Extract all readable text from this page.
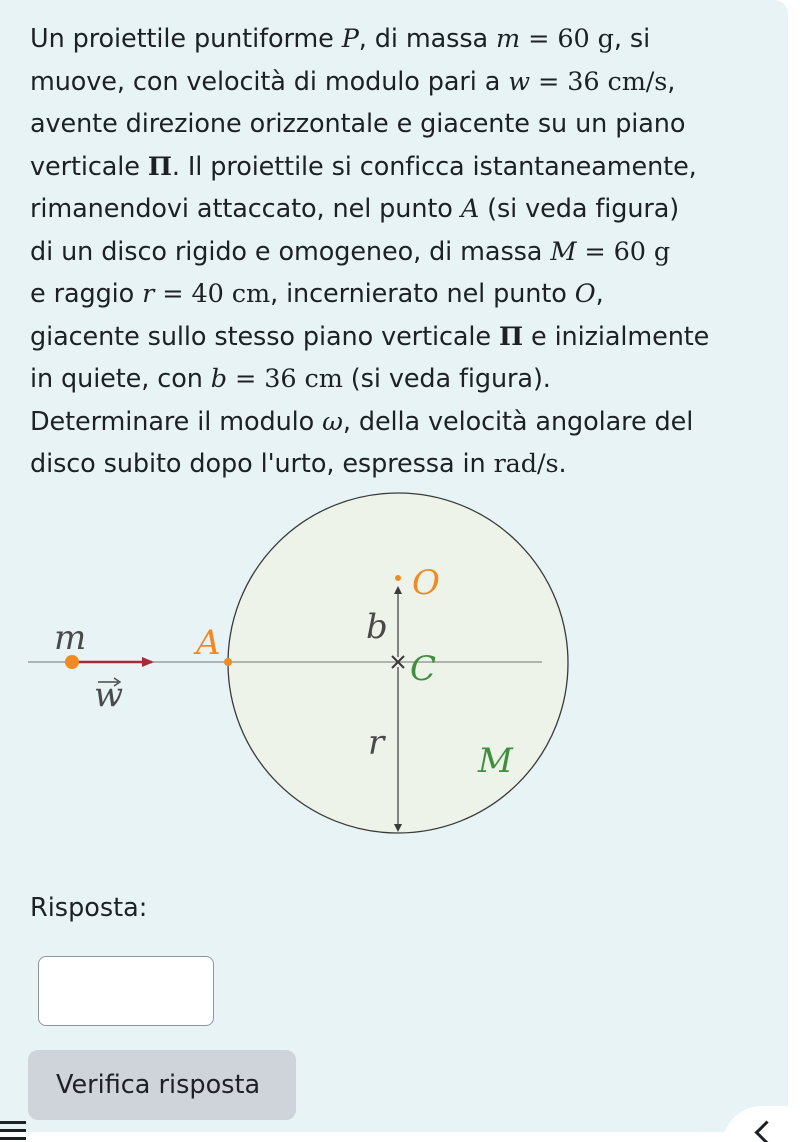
Un proiettile puntiforme P, di massa m = 60 g, si

muove, con velocità di modulo pari a w = 36 cm/s,

avente direzione orizzontale e giacente su un piano

verticale Π. Il proiettile si conficca istantaneamente,

rimanendovi attaccato, nel punto A (si veda figura)

di un disco rigido e omogeneo, di massa M = 60 g

e raggio r = 40 cm, incernierato nel punto O,

giacente sullo stesso piano verticale Π e inizialmente

in quiete, con b = 36 cm (si veda figura).

Determinare il modulo ω, della velocità angolare del

disco subito dopo l'urto, espressa in rad/s.

m
w
A
O
b
C
r	M
Risposta:
Verifica risposta
